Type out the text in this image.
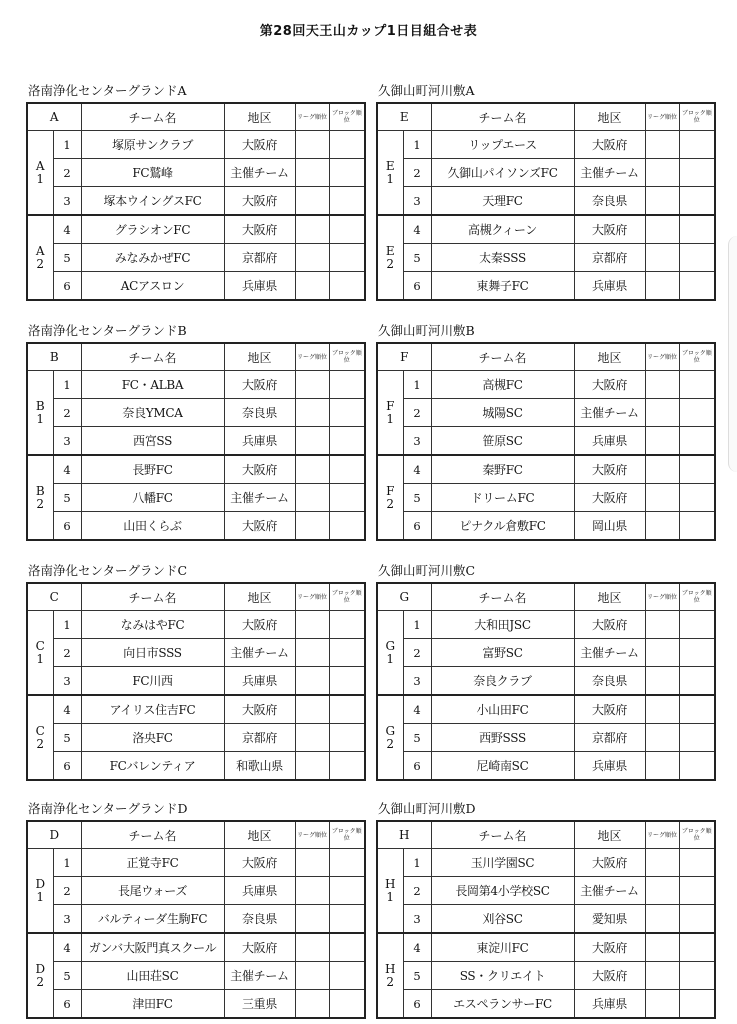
第28回天王山カップ1日目組合せ表
洛南浄化センターグランドA
A		チーム名	地区	リーグ順位	ブロック順位

A
1	1	塚原サンクラブ	大阪府		
	2	FC鷲峰	主催チーム		
	3	塚本ウイングスFC	大阪府		

A
2	4	グラシオンFC	大阪府		
	5	みなみかぜFC	京都府		
	6	ACアスロン	兵庫県		
久御山町河川敷A
E		チーム名	地区	リーグ順位	ブロック順位

E
1	1	リップエース	大阪府		
	2	久御山パイソンズFC	主催チーム		
	3	天理FC	奈良県		

E
2	4	高槻クィーン	大阪府		
	5	太秦SSS	京都府		
	6	東舞子FC	兵庫県		
洛南浄化センターグランドB
B		チーム名	地区	リーグ順位	ブロック順位

B
1	1	FC・ALBA	大阪府		
	2	奈良YMCA	奈良県		
	3	西宮SS	兵庫県		

B
2	4	長野FC	大阪府		
	5	八幡FC	主催チーム		
	6	山田くらぶ	大阪府		
久御山町河川敷B
F		チーム名	地区	リーグ順位	ブロック順位

F
1	1	高槻FC	大阪府		
	2	城陽SC	主催チーム		
	3	笹原SC	兵庫県		

F
2	4	秦野FC	大阪府		
	5	ドリームFC	大阪府		
	6	ピナクル倉敷FC	岡山県		
洛南浄化センターグランドC
C		チーム名	地区	リーグ順位	ブロック順位

C
1	1	なみはやFC	大阪府		
	2	向日市SSS	主催チーム		
	3	FC川西	兵庫県		

C
2	4	アイリス住吉FC	大阪府		
	5	洛央FC	京都府		
	6	FCバレンティア	和歌山県		
久御山町河川敷C
G		チーム名	地区	リーグ順位	ブロック順位

G
1	1	大和田JSC	大阪府		
	2	富野SC	主催チーム		
	3	奈良クラブ	奈良県		

G
2	4	小山田FC	大阪府		
	5	西野SSS	京都府		
	6	尼崎南SC	兵庫県		
洛南浄化センターグランドD
D		チーム名	地区	リーグ順位	ブロック順位

D
1	1	正覚寺FC	大阪府		
	2	長尾ウォーズ	兵庫県		
	3	バルティーダ生駒FC	奈良県		

D
2	4	ガンバ大阪門真スクール	大阪府		
	5	山田荘SC	主催チーム		
	6	津田FC	三重県		
久御山町河川敷D
H		チーム名	地区	リーグ順位	ブロック順位

H
1	1	玉川学園SC	大阪府		
	2	長岡第4小学校SC	主催チーム		
	3	刈谷SC	愛知県		

H
2	4	東淀川FC	大阪府		
	5	SS・クリエイト	大阪府		
	6	エスペランサーFC	兵庫県		
